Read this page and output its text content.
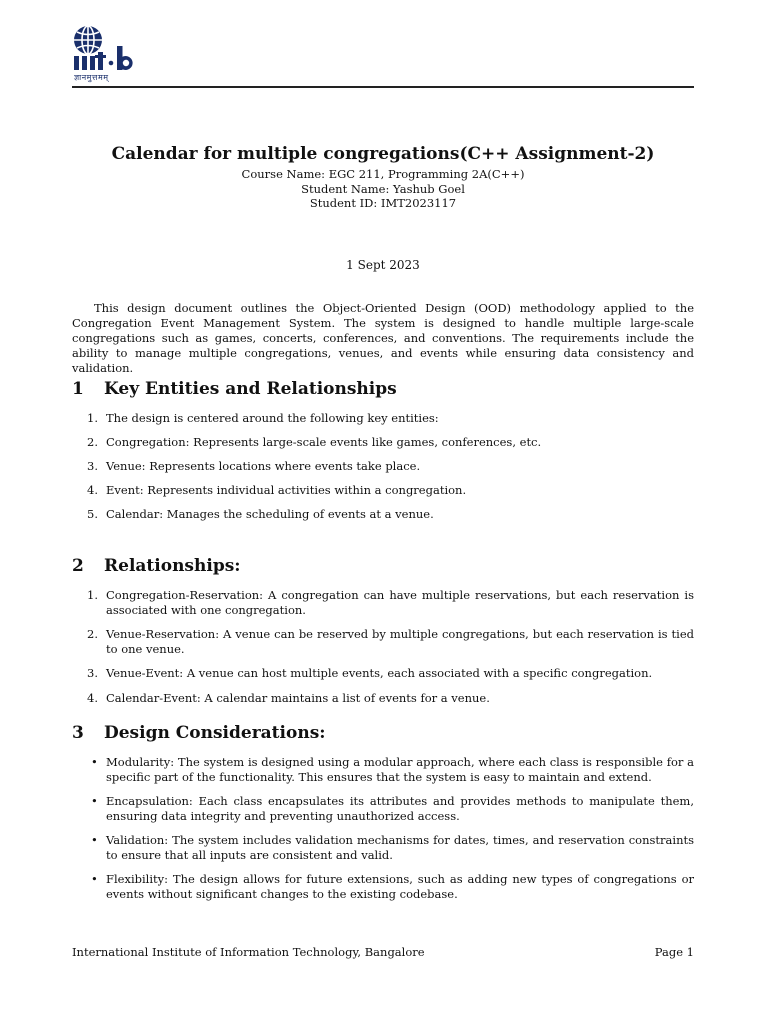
ज्ञानमुत्तमम्
Calendar for multiple congregations(C++ Assignment-2)
Course Name: EGC 211, Programming 2A(C++)
Student Name: Yashub Goel
Student ID: IMT2023117
1 Sept 2023

This design document outlines the Object-Oriented Design (OOD) methodology applied to the Congregation Event Management System. The system is designed to handle multiple large-scale congregations such as games, concerts, conferences, and conventions. The requirements include the ability to manage multiple congregations, venues, and events while ensuring data consistency and validation.

1	Key Entities and Relationships
1. The design is centered around the following key entities:
2. Congregation: Represents large-scale events like games, conferences, etc.
3. Venue: Represents locations where events take place.
4. Event: Represents individual activities within a congregation.
5. Calendar: Manages the scheduling of events at a venue.
2	Relationships:
1. Congregation-Reservation: A congregation can have multiple reservations, but each reservation is associated with one congregation.
2. Venue-Reservation: A venue can be reserved by multiple congregations, but each reservation is tied to one venue.
3. Venue-Event: A venue can host multiple events, each associated with a specific congregation.
4. Calendar-Event: A calendar maintains a list of events for a venue.
3	Design Considerations:
• Modularity: The system is designed using a modular approach, where each class is responsible for a specific part of the functionality. This ensures that the system is easy to maintain and extend.
• Encapsulation: Each class encapsulates its attributes and provides methods to manipulate them, ensuring data integrity and preventing unauthorized access.
• Validation: The system includes validation mechanisms for dates, times, and reservation constraints to ensure that all inputs are consistent and valid.
• Flexibility: The design allows for future extensions, such as adding new types of congregations or events without significant changes to the existing codebase.
International Institute of Information Technology, Bangalore	Page 1
